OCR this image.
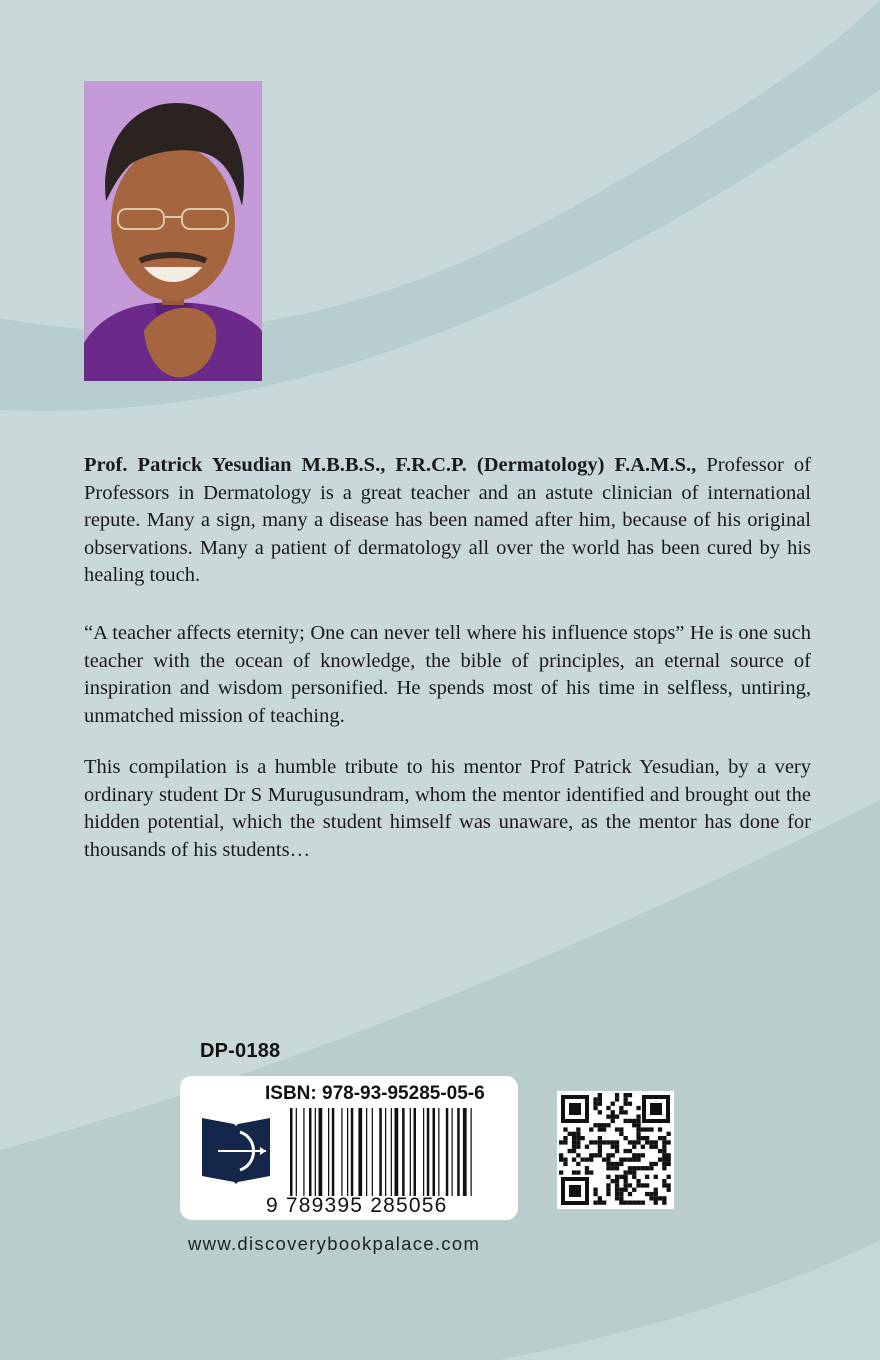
Prof. Patrick Yesudian M.B.B.S., F.R.C.P. (Dermatology) F.A.M.S., Professor of Professors in Dermatology is a great teacher and an astute clinician of international repute. Many a sign, many a disease has been named after him, because of his original observations. Many a patient of dermatology all over the world has been cured by his healing touch.

“A teacher affects eternity; One can never tell where his influence stops” He is one such teacher with the ocean of knowledge, the bible of principles, an eternal source of inspiration and wisdom personified. He spends most of his time in selfless, untiring, unmatched mission of teaching.

This compilation is a humble tribute to his mentor Prof Patrick Yesudian, by a very ordinary student Dr S Murugusundram, whom the mentor identified and brought out the hidden potential, which the student himself was unaware, as the mentor has done for thousands of his students…

DP-0188
ISBN: 978-93-95285-05-6
9 789395 285056
www.discoverybookpalace.com
